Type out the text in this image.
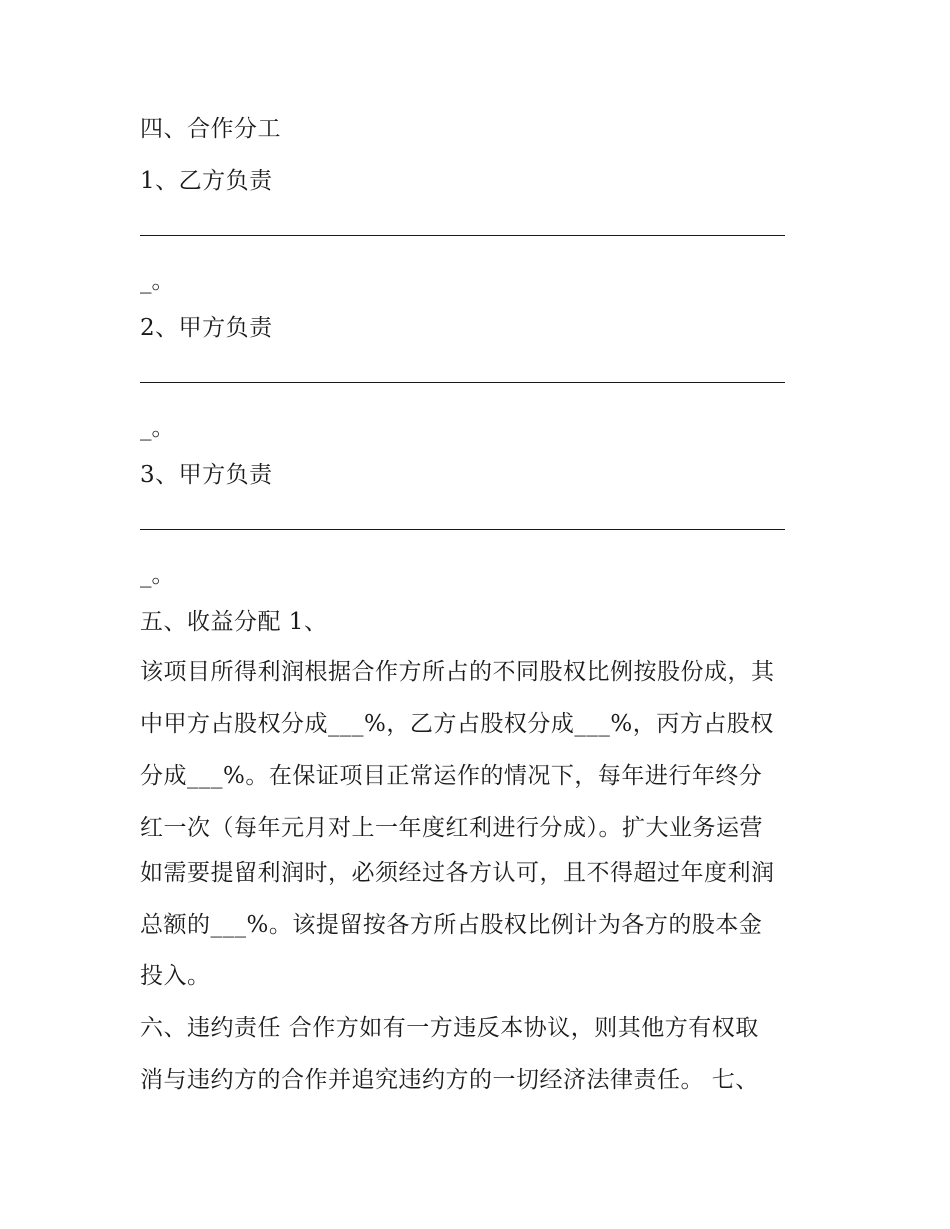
四、合作分工
1、乙方负责
_。
2、甲方负责
_。
3、甲方负责
_。
五、收益分配 1、
该项目所得利润根据合作方所占的不同股权比例按股份成，其
中甲方占股权分成___%，乙方占股权分成___%，丙方占股权
分成___%。在保证项目正常运作的情况下，每年进行年终分
红一次（每年元月对上一年度红利进行分成）。扩大业务运营
如需要提留利润时，必须经过各方认可，且不得超过年度利润
总额的___%。该提留按各方所占股权比例计为各方的股本金
投入。
六、违约责任 合作方如有一方违反本协议，则其他方有权取
消与违约方的合作并追究违约方的一切经济法律责任。 七、
